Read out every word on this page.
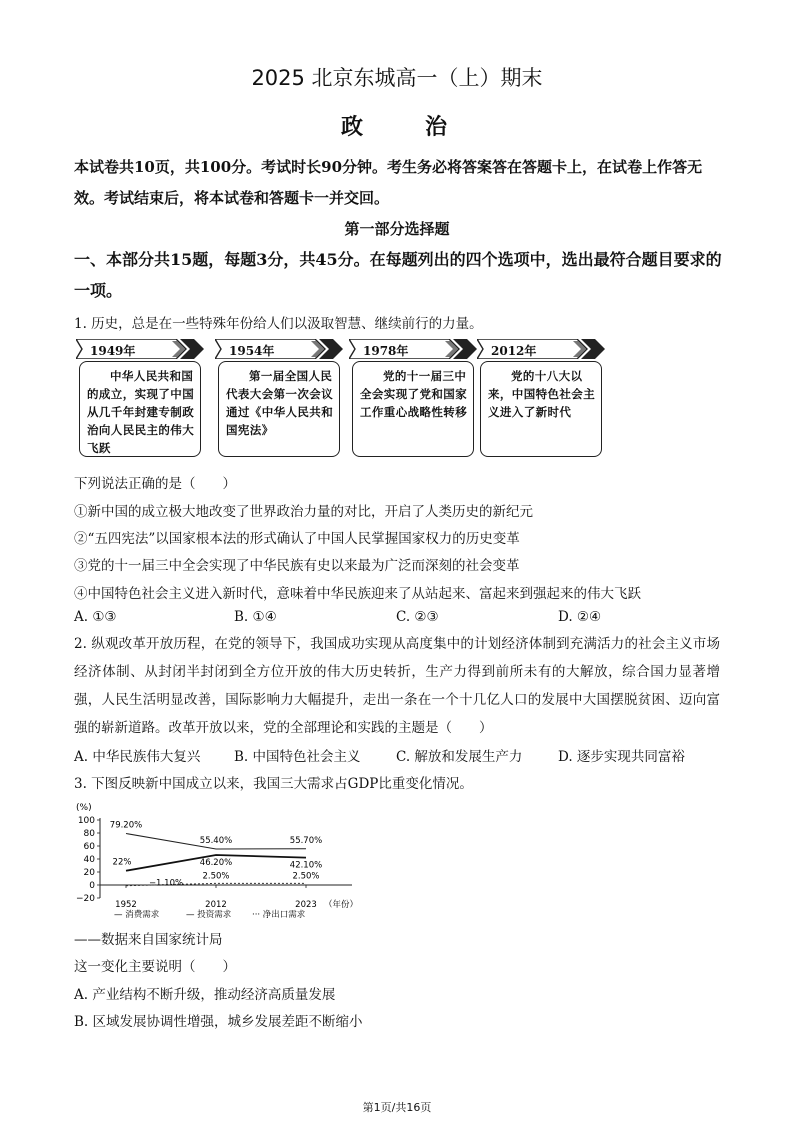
2025 北京东城高一（上）期末
政　　治
本试卷共10页，共100分。考试时长90分钟。考生务必将答案答在答题卡上，在试卷上作答无效。考试结束后，将本试卷和答题卡一并交回。
第一部分选择题
一、本部分共15题，每题3分，共45分。在每题列出的四个选项中，选出最符合题目要求的一项。
1. 历史，总是在一些特殊年份给人们以汲取智慧、继续前行的力量。
1949年
中华人民共和国的成立，实现了中国从几千年封建专制政治向人民民主的伟大飞跃
1954年
第一届全国人民代表大会第一次会议通过《中华人民共和国宪法》
1978年
党的十一届三中全会实现了党和国家工作重心战略性转移
2012年
党的十八大以来，中国特色社会主义进入了新时代
下列说法正确的是（　　）
①新中国的成立极大地改变了世界政治力量的对比，开启了人类历史的新纪元
②“五四宪法”以国家根本法的形式确认了中国人民掌握国家权力的历史变革
③党的十一届三中全会实现了中华民族有史以来最为广泛而深刻的社会变革
④中国特色社会主义进入新时代，意味着中华民族迎来了从站起来、富起来到强起来的伟大飞跃
A. ①③	B. ①④	C. ②③	D. ②④
2. 纵观改革开放历程，在党的领导下，我国成功实现从高度集中的计划经济体制到充满活力的社会主义市场经济体制、从封闭半封闭到全方位开放的伟大历史转折，生产力得到前所未有的大解放，综合国力显著增强，人民生活明显改善，国际影响力大幅提升，走出一条在一个十几亿人口的发展中大国摆脱贫困、迈向富强的崭新道路。改革开放以来，党的全部理论和实践的主题是（　　）
A. 中华民族伟大复兴 B. 中国特色社会主义	C. 解放和发展生产力	D. 逐步实现共同富裕
3. 下图反映新中国成立以来，我国三大需求占GDP比重变化情况。
(%)
100
80
60
40
20
0
−20
1952	2012	2023 （年份）
79.20%
55.40%	55.70%
22%	46.20%	42.10%
−1.10%
2.50%	2.50%
— 消费需求	— 投资需求 ··· 净出口需求
——数据来自国家统计局
这一变化主要说明（　　）
A. 产业结构不断升级，推动经济高质量发展
B. 区域发展协调性增强，城乡发展差距不断缩小
第1页/共16页
